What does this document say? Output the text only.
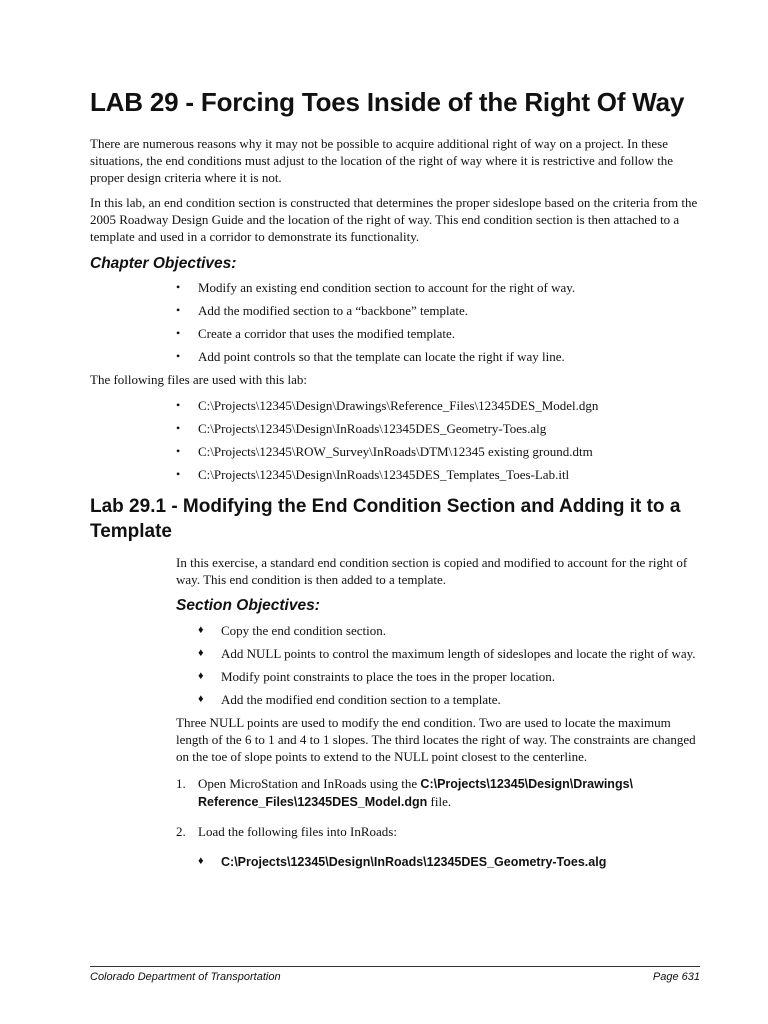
LAB 29 - Forcing Toes Inside of the Right Of Way

There are numerous reasons why it may not be possible to acquire additional right of way on a project. In these situations, the end conditions must adjust to the location of the right of way where it is restrictive and follow the proper design criteria where it is not.

In this lab, an end condition section is constructed that determines the proper sideslope based on the criteria from the 2005 Roadway Design Guide and the location of the right of way. This end condition section is then attached to a template and used in a corridor to demonstrate its functionality.

Chapter Objectives:
• Modify an existing end condition section to account for the right of way.
• Add the modified section to a “backbone” template.
• Create a corridor that uses the modified template.
• Add point controls so that the template can locate the right if way line.

The following files are used with this lab:

• C:\Projects\12345\Design\Drawings\Reference_Files\12345DES_Model.dgn
• C:\Projects\12345\Design\InRoads\12345DES_Geometry-Toes.alg
• C:\Projects\12345\ROW_Survey\InRoads\DTM\12345 existing ground.dtm
• C:\Projects\12345\Design\InRoads\12345DES_Templates_Toes-Lab.itl
Lab 29.1 - Modifying the End Condition Section and Adding it to a Template

In this exercise, a standard end condition section is copied and modified to account for the right of way. This end condition is then added to a template.

Section Objectives:
♦ Copy the end condition section.
♦ Add NULL points to control the maximum length of sideslopes and locate the right of way.
♦ Modify point constraints to place the toes in the proper location.
♦ Add the modified end condition section to a template.

Three NULL points are used to modify the end condition. Two are used to locate the maximum length of the 6 to 1 and 4 to 1 slopes. The third locates the right of way. The constraints are changed on the toe of slope points to extend to the NULL point closest to the centerline.

1. Open MicroStation and InRoads using the C:\Projects\12345\Design\Drawings\ Reference_Files\12345DES_Model.dgn file.
2. Load the following files into InRoads:
♦ C:\Projects\12345\Design\InRoads\12345DES_Geometry-Toes.alg
Colorado Department of Transportation	Page 631
